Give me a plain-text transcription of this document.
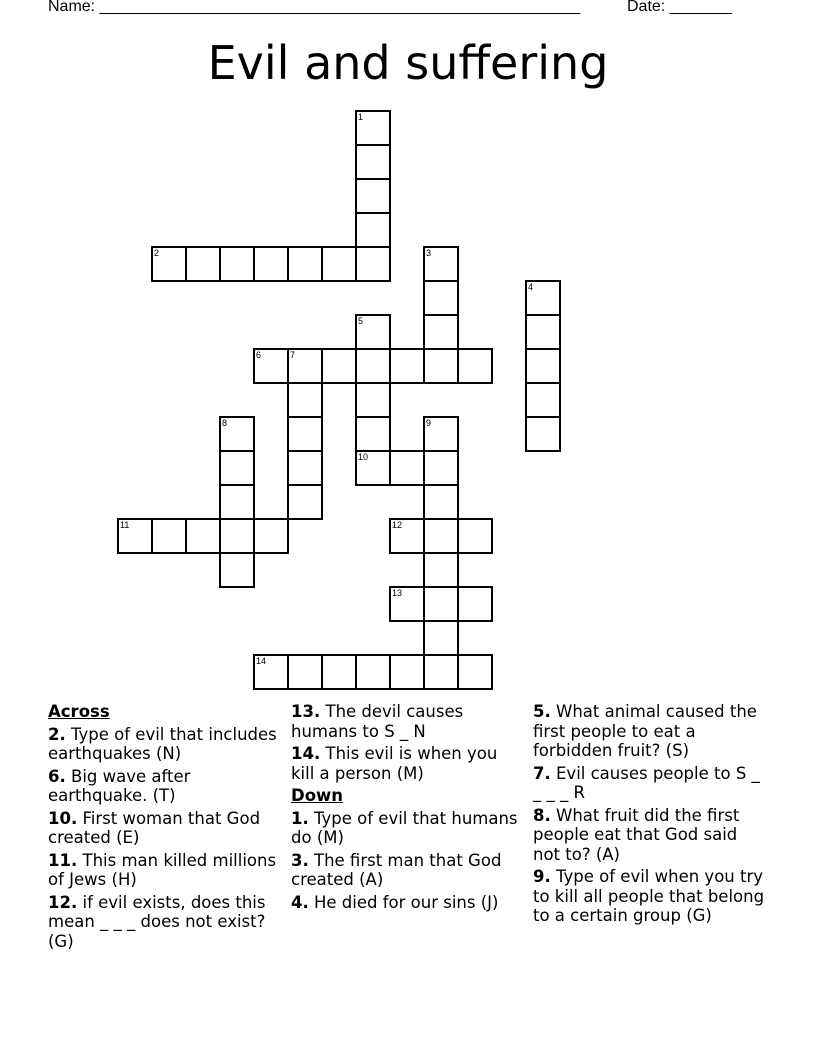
Name: ______________________________________________________	Date: _______
Evil and suffering
1
2	3
4
5
6	7
8	9
10
11	12
13
14
Across
2. Type of evil that includes earthquakes (N)
6. Big wave after earthquake. (T)
10. First woman that God created (E)
11. This man killed millions of Jews (H)
12. if evil exists, does this mean _ _ _ does not exist? (G)
13. The devil causes humans to S _ N
14. This evil is when you kill a person (M)
Down
1. Type of evil that humans do (M)
3. The first man that God created (A)
4. He died for our sins (J)
5. What animal caused the first people to eat a forbidden fruit? (S)
7. Evil causes people to S _ _ _ _ R
8. What fruit did the first people eat that God said not to? (A)
9. Type of evil when you try to kill all people that belong to a certain group (G)
